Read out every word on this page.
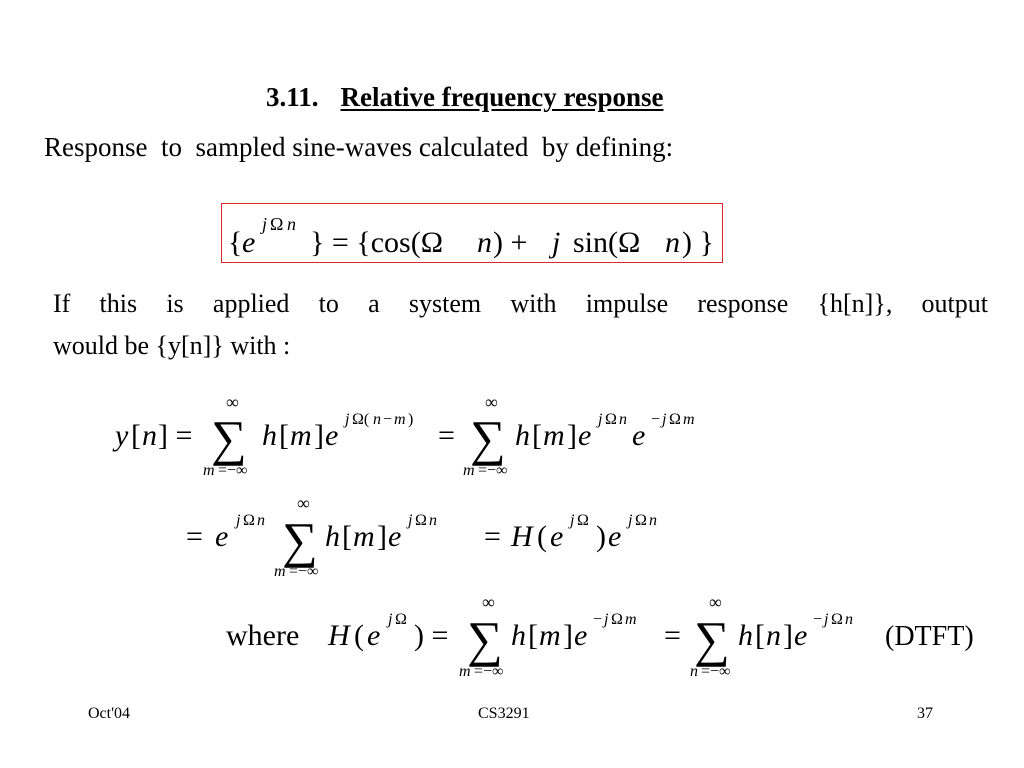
3.11. Relative frequency response
Response  to  sampled sine-waves calculated  by defining:
If this is applied to a system with impulse response {h[n]}, output
would be {y[n]} with :
{ e
j Ω n
} = {cos(Ω n ) + j sin(Ω n ) }
y [ n ] = ∑
∞
m =−∞
h [ m ] e j Ω( n − m ) = ∑
∞
m =−∞
h [ m ] e j Ω n e − j Ω m
= e j Ω n ∑
∞
m =−∞
h [ m ] e j Ω n = H ( e j Ω ) e j Ω n
where H ( e j Ω ) = ∑
∞
m =−∞
h [ m ] e − j Ω m = ∑
∞
n =−∞
h [ n ] e − j Ω n
(DTFT)
Oct'04	CS3291	37
